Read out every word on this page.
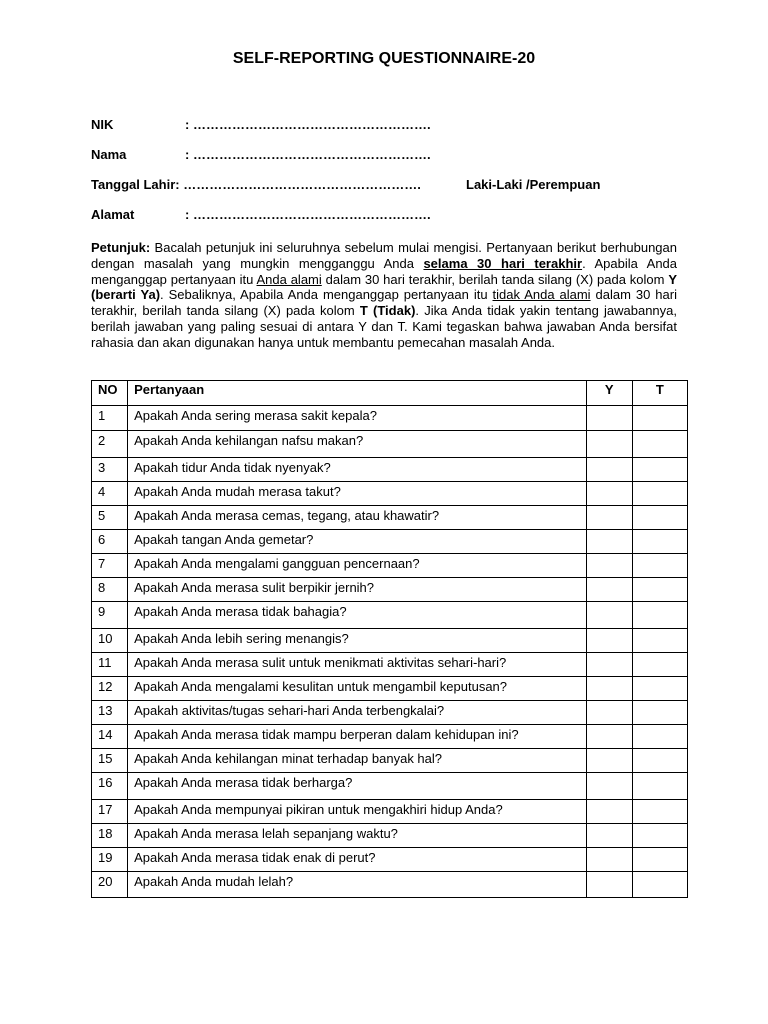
SELF-REPORTING QUESTIONNAIRE-20
NIK	: ……………………………………………….
Nama	: ……………………………………………….
Tanggal Lahir: ……………………………………………….	Laki-Laki /Perempuan
Alamat	: ……………………………………………….

Petunjuk: Bacalah petunjuk ini seluruhnya sebelum mulai mengisi. Pertanyaan berikut berhubungan dengan masalah yang mungkin mengganggu Anda selama 30 hari terakhir. Apabila Anda menganggap pertanyaan itu Anda alami dalam 30 hari terakhir, berilah tanda silang (X) pada kolom Y (berarti Ya). Sebaliknya, Apabila Anda menganggap pertanyaan itu tidak Anda alami dalam 30 hari terakhir, berilah tanda silang (X) pada kolom T (Tidak). Jika Anda tidak yakin tentang jawabannya, berilah jawaban yang paling sesuai di antara Y dan T. Kami tegaskan bahwa jawaban Anda bersifat rahasia dan akan digunakan hanya untuk membantu pemecahan masalah Anda.

NO	Pertanyaan	Y	T
1	Apakah Anda sering merasa sakit kepala?		
2	Apakah Anda kehilangan nafsu makan?		
3	Apakah tidur Anda tidak nyenyak?		
4	Apakah Anda mudah merasa takut?		
5	Apakah Anda merasa cemas, tegang, atau khawatir?		
6	Apakah tangan Anda gemetar?		
7	Apakah Anda mengalami gangguan pencernaan?		
8	Apakah Anda merasa sulit berpikir jernih?		
9	Apakah Anda merasa tidak bahagia?		
10	Apakah Anda lebih sering menangis?		
11	Apakah Anda merasa sulit untuk menikmati aktivitas sehari-hari?		
12	Apakah Anda mengalami kesulitan untuk mengambil keputusan?		
13	Apakah aktivitas/tugas sehari-hari Anda terbengkalai?		
14	Apakah Anda merasa tidak mampu berperan dalam kehidupan ini?		
15	Apakah Anda kehilangan minat terhadap banyak hal?		
16	Apakah Anda merasa tidak berharga?		
17	Apakah Anda mempunyai pikiran untuk mengakhiri hidup Anda?		
18	Apakah Anda merasa lelah sepanjang waktu?		
19	Apakah Anda merasa tidak enak di perut?		
20	Apakah Anda mudah lelah?		
